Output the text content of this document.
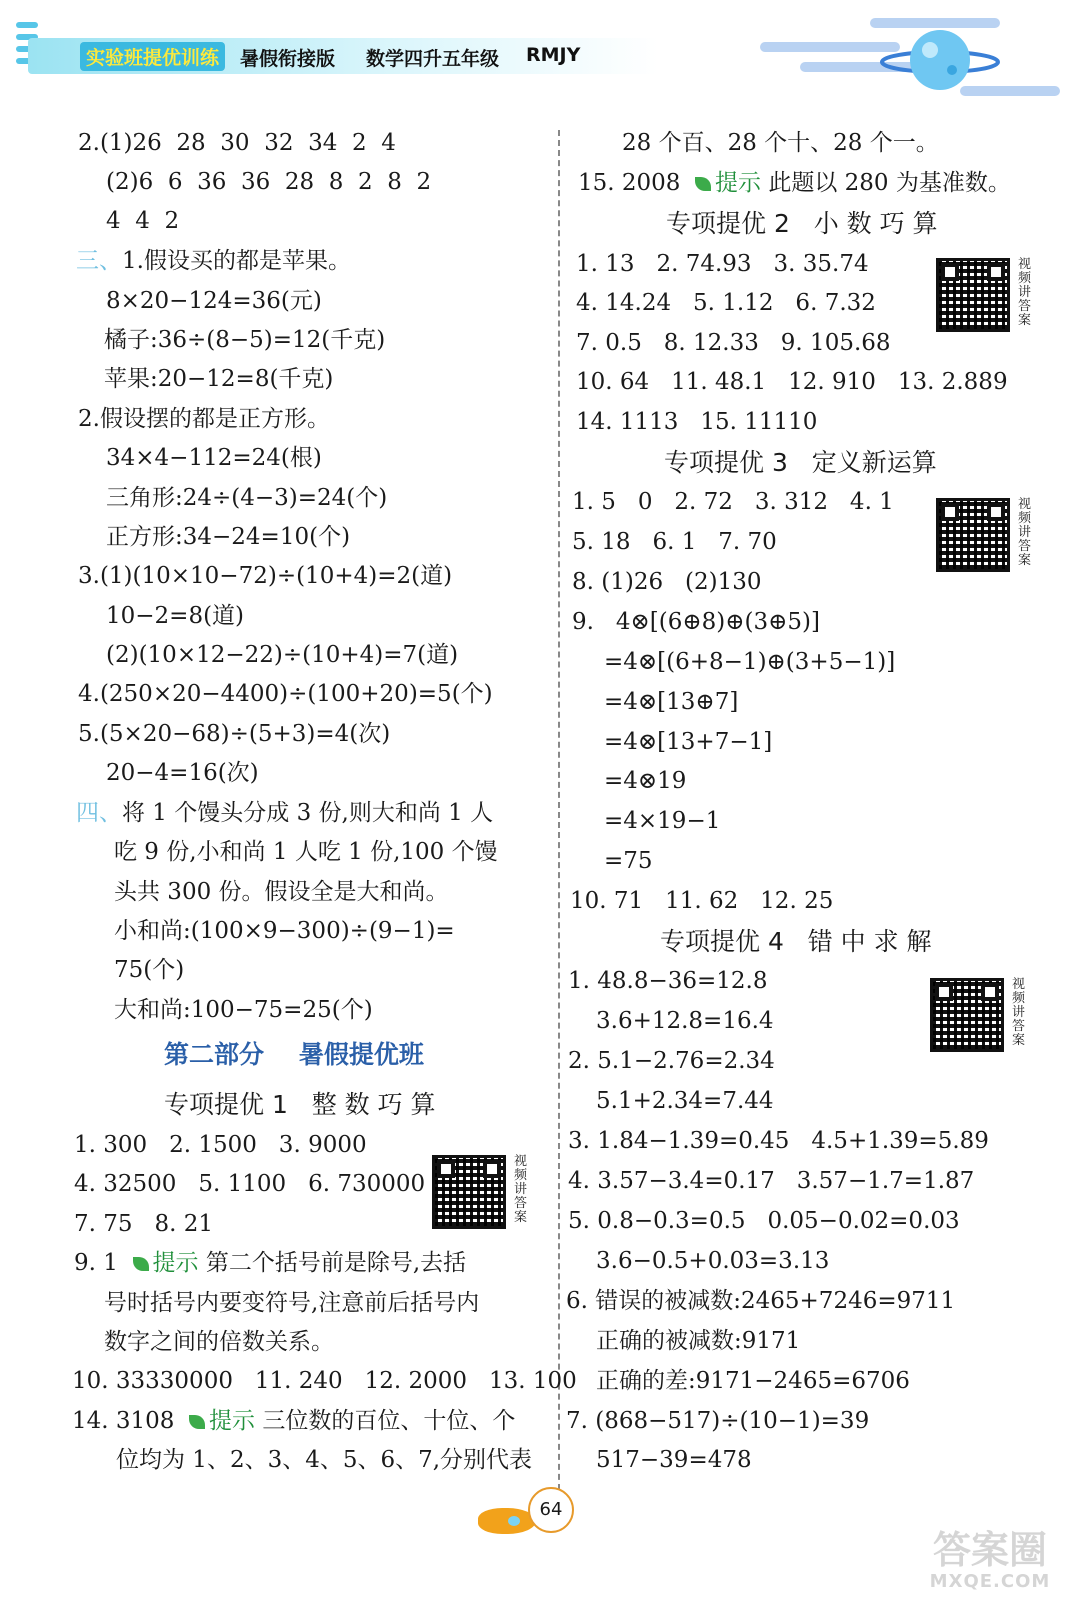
实验班提优训练	暑假衔接版 数学四升五年级 RMJY
2.(1)26  28  30  32  34  2  4
(2)6  6  36  36  28  8  2  8  2
4  4  2
三、1.假设买的都是苹果。
8×20−124=36(元)
橘子:36÷(8−5)=12(千克)
苹果:20−12=8(千克)
2.假设摆的都是正方形。
34×4−112=24(根)
三角形:24÷(4−3)=24(个)
正方形:34−24=10(个)
3.(1)(10×10−72)÷(10+4)=2(道)
10−2=8(道)
(2)(10×12−22)÷(10+4)=7(道)
4.(250×20−4400)÷(100+20)=5(个)
5.(5×20−68)÷(5+3)=4(次)
20−4=16(次)
四、将 1 个馒头分成 3 份,则大和尚 1 人
吃 9 份,小和尚 1 人吃 1 份,100 个馒
头共 300 份。假设全是大和尚。
小和尚:(100×9−300)÷(9−1)=
75(个)
大和尚:100−75=25(个)
第二部分    暑假提优班
专项提优 1   整 数 巧 算
1. 300   2. 1500   3. 9000
4. 32500   5. 1100   6. 730000
7. 75   8. 21
视频讲答案
9. 1  提示 第二个括号前是除号,去括
号时括号内要变符号,注意前后括号内
数字之间的倍数关系。
10. 33330000   11. 240   12. 2000   13. 100
14. 3108  提示 三位数的百位、十位、个
位均为 1、2、3、4、5、6、7,分别代表
28 个百、28 个十、28 个一。
15. 2008  提示 此题以 280 为基准数。
专项提优 2   小 数 巧 算
1. 13   2. 74.93   3. 35.74
4. 14.24   5. 1.12   6. 7.32
7. 0.5   8. 12.33   9. 105.68
10. 64   11. 48.1   12. 910   13. 2.889
14. 1113   15. 11110
视频讲答案
专项提优 3   定义新运算
1. 5   0   2. 72   3. 312   4. 1
5. 18   6. 1   7. 70
8. (1)26   (2)130
视频讲答案
9.   4⊗[(6⊕8)⊕(3⊕5)]
=4⊗[(6+8−1)⊕(3+5−1)]
=4⊗[13⊕7]
=4⊗[13+7−1]
=4⊗19
=4×19−1
=75
10. 71   11. 62   12. 25
专项提优 4   错 中 求 解
1. 48.8−36=12.8
3.6+12.8=16.4
视频讲答案
2. 5.1−2.76=2.34
5.1+2.34=7.44
3. 1.84−1.39=0.45   4.5+1.39=5.89
4. 3.57−3.4=0.17   3.57−1.7=1.87
5. 0.8−0.3=0.5   0.05−0.02=0.03
3.6−0.5+0.03=3.13
6. 错误的被减数:2465+7246=9711
正确的被减数:9171
正确的差:9171−2465=6706
7. (868−517)÷(10−1)=39
517−39=478
64
答案圈
MXQE.COM
